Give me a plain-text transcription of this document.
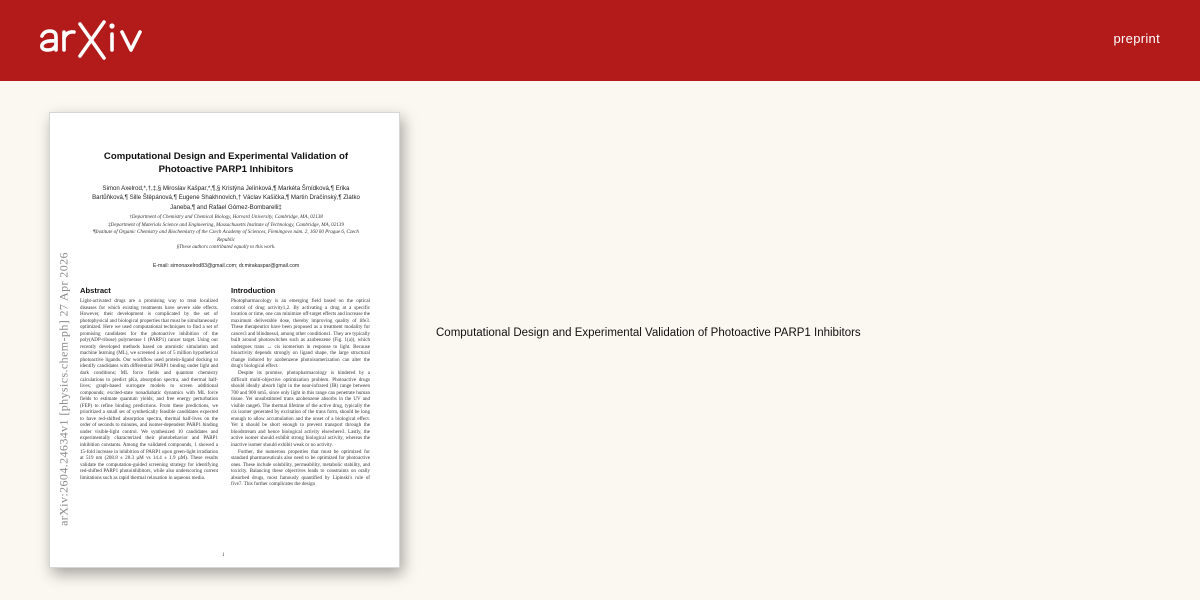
preprint
arXiv:2604.24634v1 [physics.chem-ph] 27 Apr 2026
Computational Design and Experimental Validation of Photoactive PARP1 Inhibitors
Simon Axelrod,*,†,‡,§ Miroslav Kašpar,*,¶,§ Kristýna Jelínková,¶ Markéta Šmídková,¶ Erika Bartůňková,¶ Sille Štěpánová,¶ Eugene Shakhnovich,† Václav Kašička,¶ Martin Dračínský,¶ Zlatko Janeba,¶ and Rafael Gómez-Bombarelli‡
†Department of Chemistry and Chemical Biology, Harvard University, Cambridge, MA, 02138
‡Department of Materials Science and Engineering, Massachusetts Institute of Technology, Cambridge, MA, 02139
¶Institute of Organic Chemistry and Biochemistry of the Czech Academy of Sciences, Flemingovo nám. 2, 160 00 Prague 6, Czech Republic
§These authors contributed equally to this work.
E-mail: simonaxelrod83@gmail.com; dr.mirakaspar@gmail.com
Abstract

Light-activated drugs are a promising way to treat localized diseases for which existing treatments have severe side effects. However, their development is complicated by the set of photophysical and biological properties that must be simultaneously optimized. Here we used computational techniques to find a set of promising candidates for the photoactive inhibition of the poly(ADP-ribose) polymerase 1 (PARP1) cancer target. Using our recently developed methods based on atomistic simulation and machine learning (ML), we screened a set of 5 million hypothetical photoactive ligands. Our workflow used protein-ligand docking to identify candidates with differential PARP1 binding under light and dark conditions; ML force fields and quantum chemistry calculations to predict pKa, absorption spectra, and thermal half-lives; graph-based surrogate models to screen additional compounds; excited-state nonadiabatic dynamics with ML force fields to estimate quantum yields; and free energy perturbation (FEP) to refine binding predictions. From these predictions, we prioritized a small set of synthetically feasible candidates expected to have red-shifted absorption spectra, thermal half-lives on the order of seconds to minutes, and isomer-dependent PARP1 binding under visible-light control. We synthesized 10 candidates and experimentally characterized their photobehavior and PARP1 inhibition constants. Among the validated compounds, 1 showed a 15-fold increase in inhibition of PARP1 upon green-light irradiation at 519 nm (208.8 ± 28.3 µM vs 14.4 ± 1.9 µM). These results validate the computation-guided screening strategy for identifying red-shifted PARP1 photoinhibitors, while also underscoring current limitations such as rapid thermal relaxation in aqueous media.

Introduction

Photopharmacology is an emerging field based on the optical control of drug activity1,2. By activating a drug at a specific location or time, one can minimize off-target effects and increase the maximum deliverable dose, thereby improving quality of life3. These therapeutics have been proposed as a treatment modality for cancer3 and blindness4, among other conditions1. They are typically built around photoswitches such as azobenzene (Fig. 1(a)), which undergoes trans ↔ cis isomerism in response to light. Because bioactivity depends strongly on ligand shape, the large structural change induced by azobenzene photoisomerization can alter the drug's biological effect.

Despite its promise, photopharmacology is hindered by a difficult multi-objective optimization problem. Photoactive drugs should ideally absorb light in the near-infrared (IR) range between 700 and 900 nm5, since only light in this range can penetrate human tissue. Yet unsubstituted trans azobenzene absorbs in the UV and visible range6. The thermal lifetime of the active drug, typically the cis isomer generated by excitation of the trans form, should be long enough to allow accumulation and the onset of a biological effect. Yet it should be short enough to prevent transport through the bloodstream and hence biological activity elsewhere3. Lastly, the active isomer should exhibit strong biological activity, whereas the inactive isomer should exhibit weak or no activity.

Further, the numerous properties that must be optimized for standard pharmaceuticals also need to be optimized for photoactive ones. These include solubility, permeability, metabolic stability, and toxicity. Balancing these objectives leads to constraints on orally absorbed drugs, most famously quantified by Lipinski's rule of five7. This further complicates the design

1
Computational Design and Experimental Validation of Photoactive PARP1 Inhibitors
